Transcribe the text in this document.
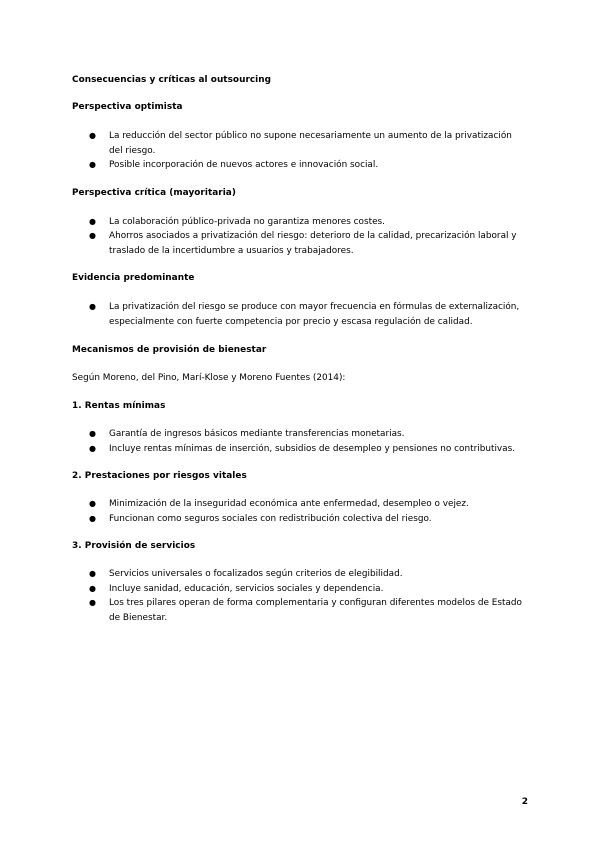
Consecuencias y críticas al outsourcing

Perspectiva optimista

● La reducción del sector público no supone necesariamente un aumento de la privatización del riesgo.
● Posible incorporación de nuevos actores e innovación social.

Perspectiva crítica (mayoritaria)

● La colaboración público-privada no garantiza menores costes.
● Ahorros asociados a privatización del riesgo: deterioro de la calidad, precarización laboral y traslado de la incertidumbre a usuarios y trabajadores.

Evidencia predominante

● La privatización del riesgo se produce con mayor frecuencia en fórmulas de externalización, especialmente con fuerte competencia por precio y escasa regulación de calidad.

Mecanismos de provisión de bienestar

Según Moreno, del Pino, Marí-Klose y Moreno Fuentes (2014):

1. Rentas mínimas

● Garantía de ingresos básicos mediante transferencias monetarias.
● Incluye rentas mínimas de inserción, subsidios de desempleo y pensiones no contributivas.

2. Prestaciones por riesgos vitales

● Minimización de la inseguridad económica ante enfermedad, desempleo o vejez.
● Funcionan como seguros sociales con redistribución colectiva del riesgo.

3. Provisión de servicios

● Servicios universales o focalizados según criterios de elegibilidad.
● Incluye sanidad, educación, servicios sociales y dependencia.
● Los tres pilares operan de forma complementaria y configuran diferentes modelos de Estado de Bienestar.
2
